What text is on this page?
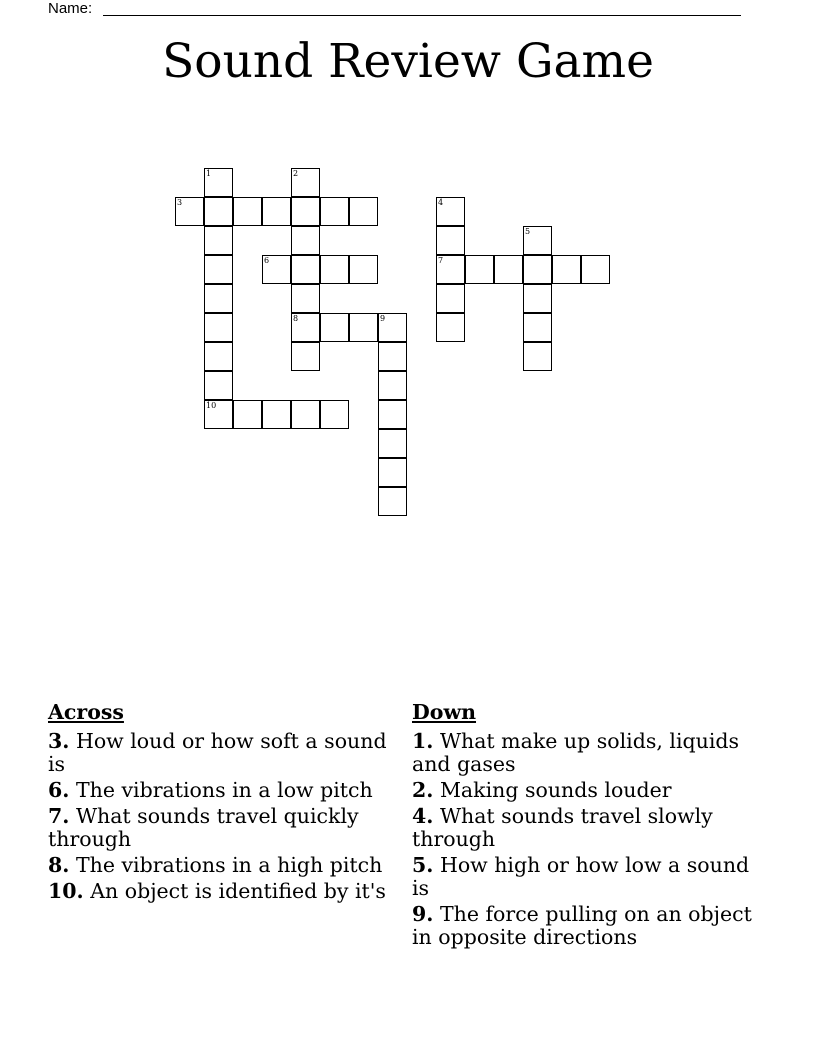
Name:
Sound Review Game
1	2
8
3	4
7
5
6
9
10
Across
3. How loud or how soft a sound is
6. The vibrations in a low pitch
7. What sounds travel quickly through
8. The vibrations in a high pitch
10. An object is identified by it's
Down
1. What make up solids, liquids and gases
2. Making sounds louder
4. What sounds travel slowly through
5. How high or how low a sound is
9. The force pulling on an object in opposite directions
